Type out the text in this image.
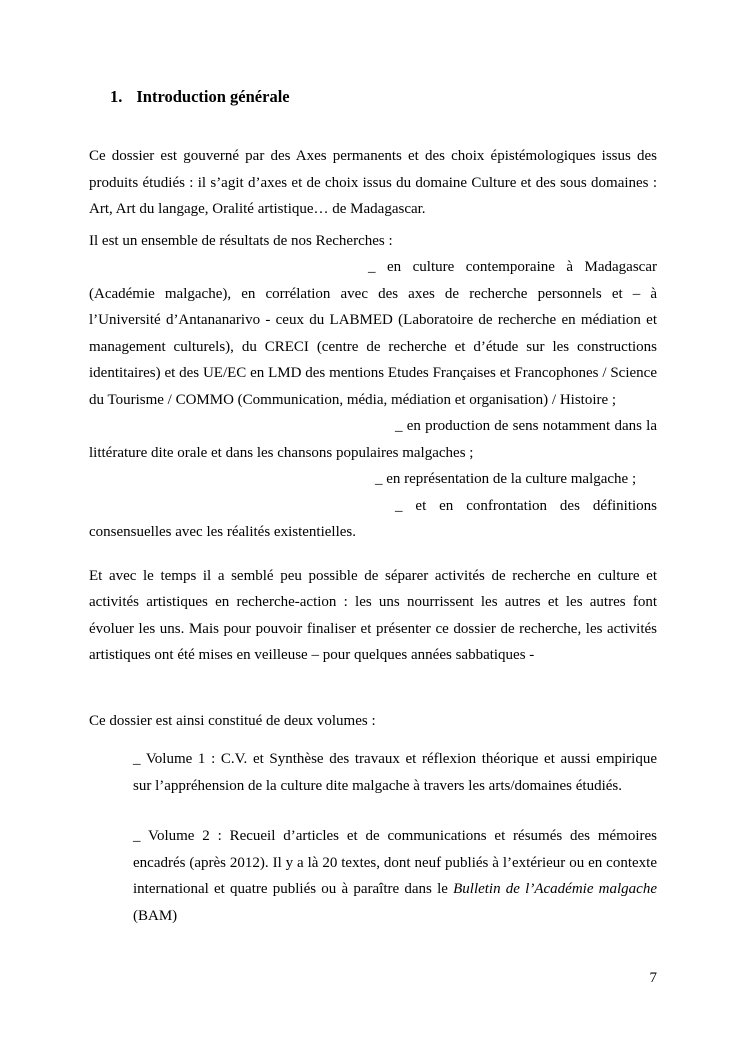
1. Introduction générale
Ce dossier est gouverné par des Axes permanents et des choix épistémologiques issus des
produits étudiés : il s’agit d’axes et de choix issus du domaine Culture et des sous domaines :
Art, Art du langage, Oralité artistique… de Madagascar.
Il est un ensemble de résultats de nos Recherches :
_ en culture contemporaine à Madagascar
(Académie malgache), en corrélation avec des axes de recherche personnels et – à
l’Université d’Antananarivo - ceux du LABMED (Laboratoire de recherche en médiation et
management culturels), du CRECI (centre de recherche et d’étude sur les constructions
identitaires) et des UE/EC en LMD des mentions Etudes Françaises et Francophones / Science
du Tourisme / COMMO (Communication, média, médiation et organisation) / Histoire ;
_ en production de sens notamment dans la
littérature dite orale et dans les chansons populaires malgaches ;
_ en représentation de la culture malgache ;
_ et en confrontation des définitions
consensuelles avec les réalités existentielles.
Et avec le temps il a semblé peu possible de séparer activités de recherche en culture et
activités artistiques en recherche-action : les uns nourrissent les autres et les autres font
évoluer les uns. Mais pour pouvoir finaliser et présenter ce dossier de recherche, les activités
artistiques ont été mises en veilleuse – pour quelques années sabbatiques -
Ce dossier est ainsi constitué de deux volumes :
_ Volume 1 : C.V. et Synthèse des travaux et réflexion théorique et aussi empirique
sur l’appréhension de la culture dite malgache à travers les arts/domaines étudiés.
_ Volume 2 : Recueil d’articles et de communications et résumés des mémoires
encadrés (après 2012). Il y a là 20 textes, dont neuf publiés à l’extérieur ou en contexte
international et quatre publiés ou à paraître dans le Bulletin de l’Académie malgache
(BAM)
7
